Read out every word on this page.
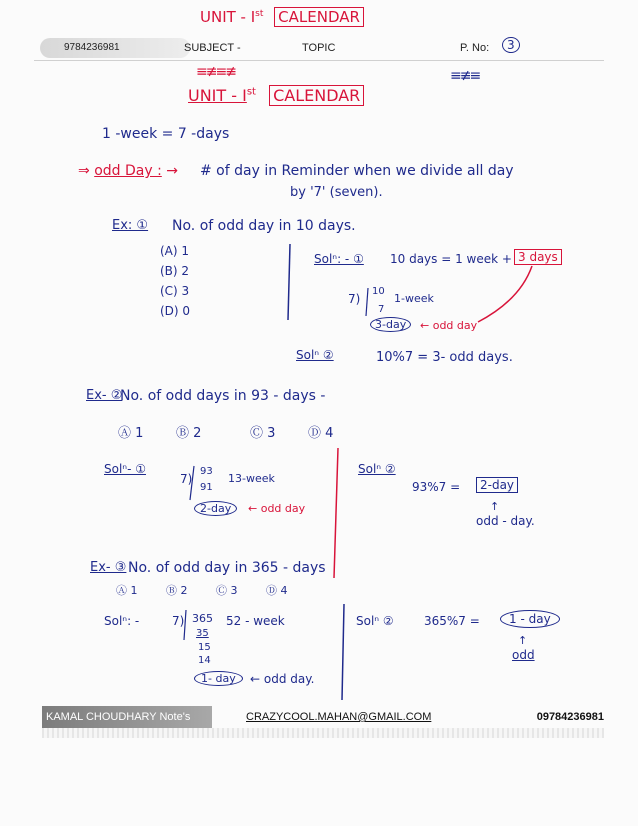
UNIT - Ist CALENDAR
9784236981	SUBJECT -	TOPIC	P. No:	3
≡≢≡≢	≡≢≡
UNIT - Ist CALENDAR
1 -week = 7 -days
⇒ odd Day : → # of day in Reminder when we divide all day
by '7' (seven).
Ex: ① No. of odd day in 10 days.
(A) 1
(B) 2
(C) 3
(D) 0
Solⁿ: - ① 10 days = 1 week + 3 days
7)
10
1-week
7
3-day	← odd day
Solⁿ ②	10%7 = 3- odd days.
Ex- ②
No. of odd days in 93 - days -
Ⓐ 1	Ⓑ 2	Ⓒ 3	Ⓓ 4
Solⁿ- ①
7)
93
13-week
91
2-day	← odd day
Solⁿ ②
93%7 =	2-day
↑
odd - day.
Ex- ③ No. of odd day in 365 - days
Ⓐ 1	Ⓑ 2	Ⓒ 3	Ⓓ 4
Solⁿ: -	7) 365 52 - week
35
15
14
1- day	← odd day.
Solⁿ ②	365%7 =	1 - day
↑
odd
KAMAL CHOUDHARY Note's	CRAZYCOOL.MAHAN@GMAIL.COM	09784236981
